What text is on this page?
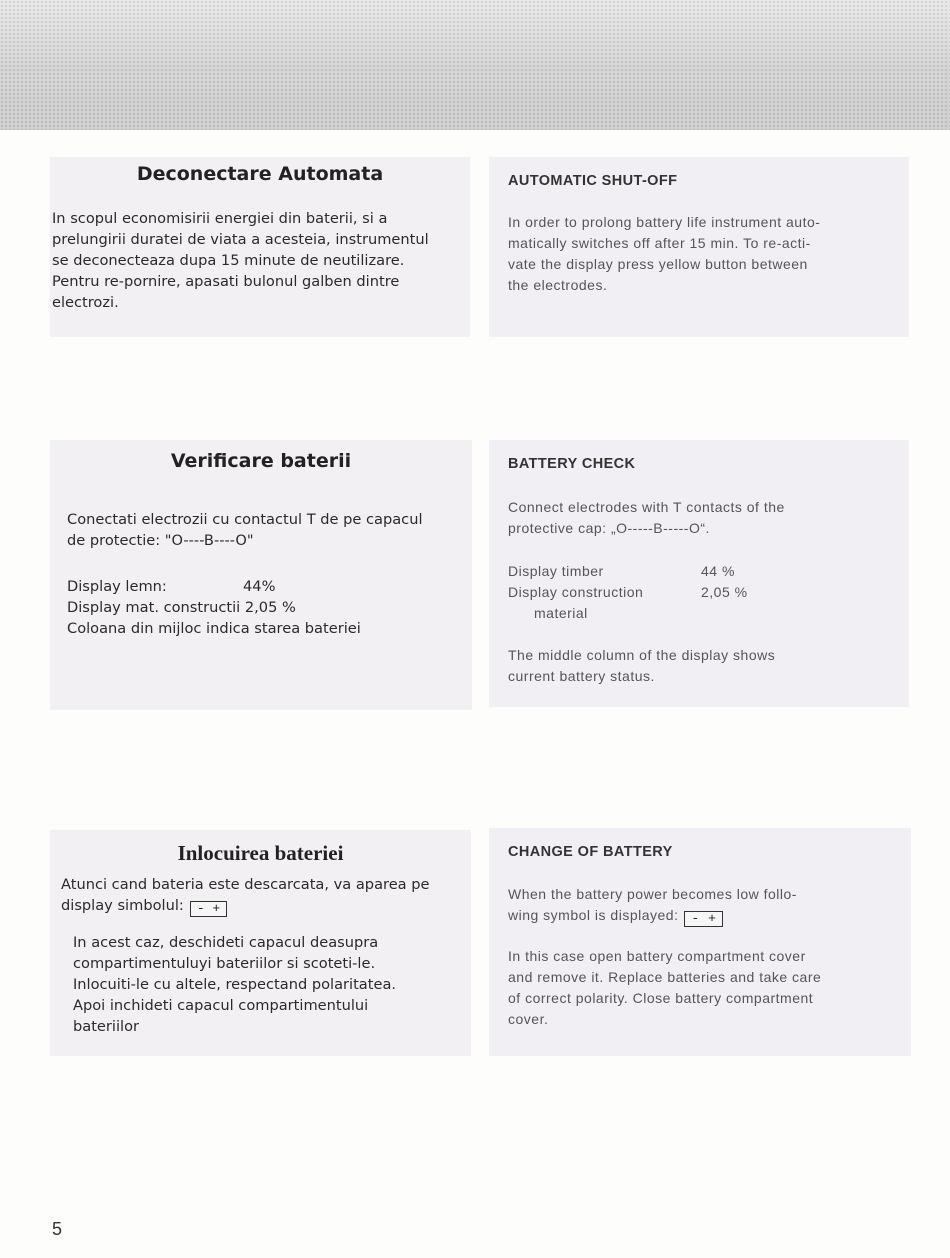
Deconectare Automata

In scopul economisirii energiei din baterii, si a

prelungirii duratei de viata a acesteia, instrumentul

se deconecteaza dupa 15 minute de neutilizare.

Pentru re-pornire, apasati bulonul galben dintre

electrozi.

AUTOMATIC SHUT-OFF

In order to prolong battery life instrument auto-

matically switches off after 15 min. To re-acti-

vate the display press yellow button between

the electrodes.

Verificare baterii

Conectati electrozii cu contactul T de pe capacul

de protectie: "O----B----O"

Display lemn:	44%
Display mat. constructii 2,05 %
Coloana din mijloc indica starea bateriei
BATTERY CHECK

Connect electrodes with T contacts of the

protective cap: „O-----B-----O“.

Display timber	44 %
Display construction	2,05 %
material

The middle column of the display shows

current battery status.

Inlocuirea bateriei

Atunci cand bateria este descarcata, va aparea pe

display simbolul: - +

In acest caz, deschideti capacul deasupra

compartimentuluyi bateriilor si scoteti-le.

Inlocuiti-le cu altele, respectand polaritatea.

Apoi inchideti capacul compartimentului

bateriilor

CHANGE OF BATTERY

When the battery power becomes low follo-

wing symbol is displayed: - +

In this case open battery compartment cover

and remove it. Replace batteries and take care

of correct polarity. Close battery compartment

cover.

5
